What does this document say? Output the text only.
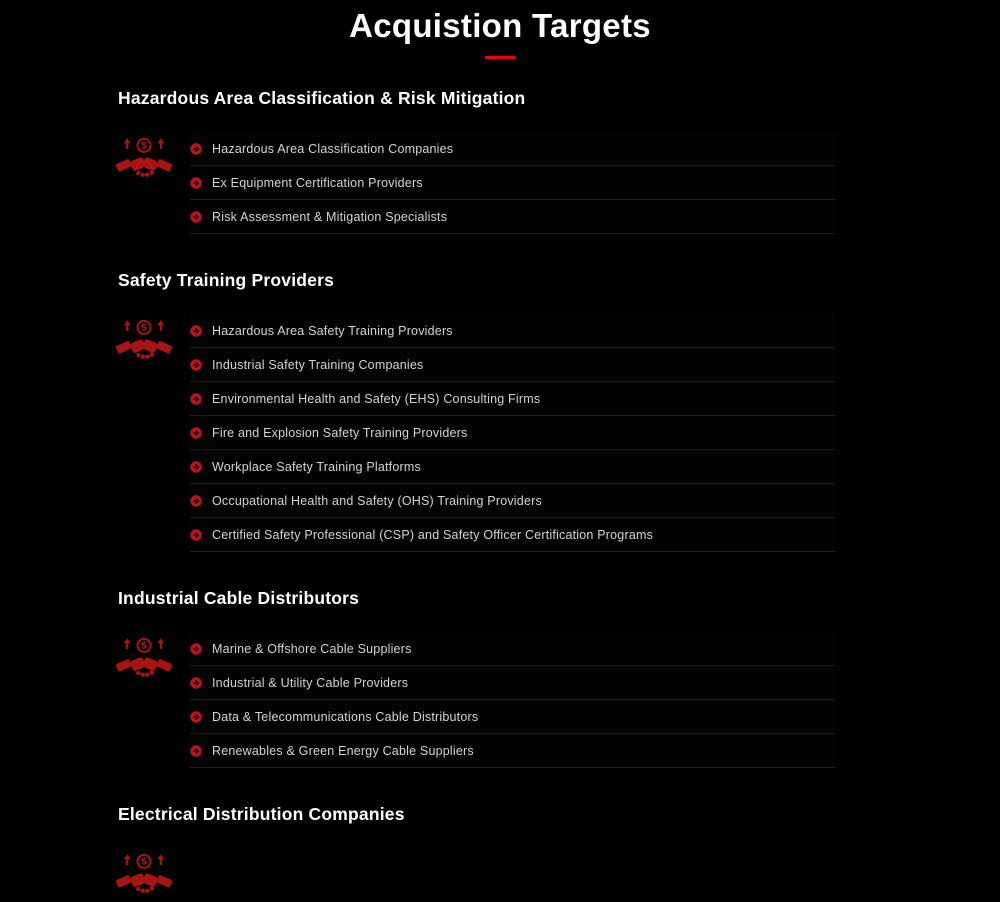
Acquistion Targets
Hazardous Area Classification & Risk Mitigation
$	Hazardous Area Classification Companies
Ex Equipment Certification Providers
Risk Assessment & Mitigation Specialists
Safety Training Providers
$	Hazardous Area Safety Training Providers
Industrial Safety Training Companies
Environmental Health and Safety (EHS) Consulting Firms
Fire and Explosion Safety Training Providers
Workplace Safety Training Platforms
Occupational Health and Safety (OHS) Training Providers
Certified Safety Professional (CSP) and Safety Officer Certification Programs
Industrial Cable Distributors
$	Marine & Offshore Cable Suppliers
Industrial & Utility Cable Providers
Data & Telecommunications Cable Distributors
Renewables & Green Energy Cable Suppliers
Electrical Distribution Companies
$
